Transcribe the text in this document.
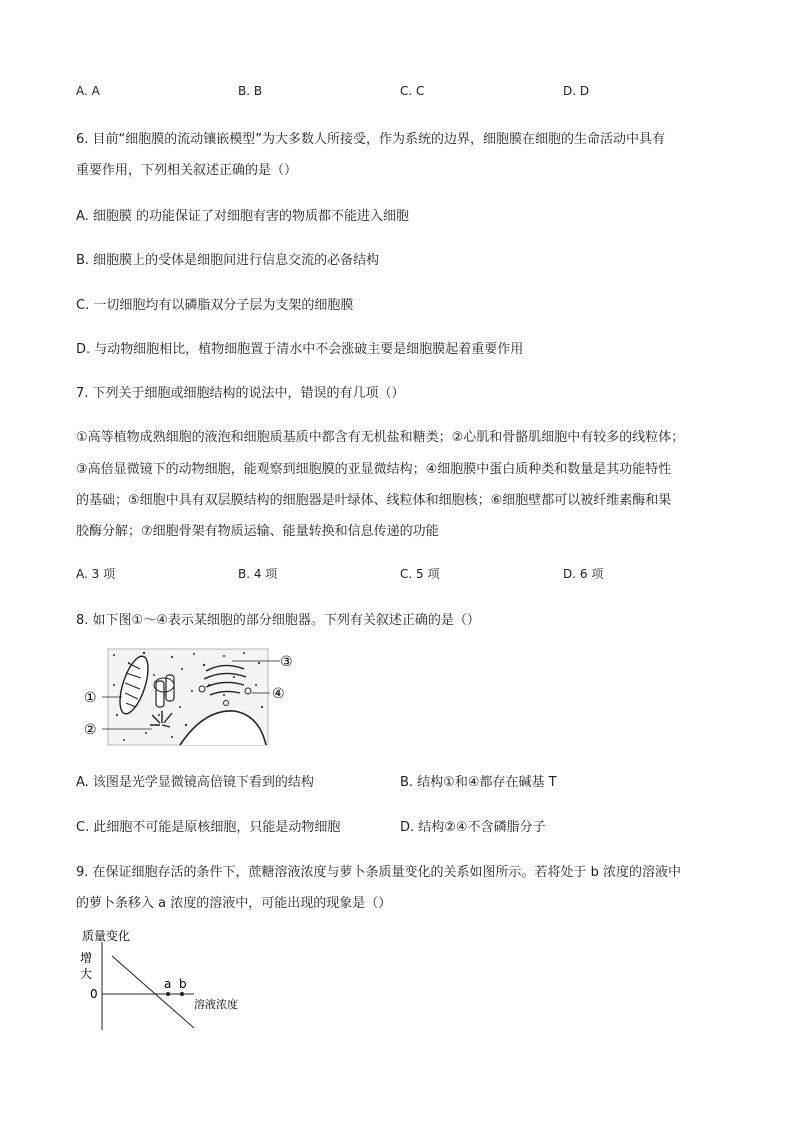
A. A	B. B	C. C	D. D
6. 目前“细胞膜的流动镶嵌模型”为大多数人所接受，作为系统的边界，细胞膜在细胞的生命活动中具有
重要作用，下列相关叙述正确的是（）
A. 细胞膜 的功能保证了对细胞有害的物质都不能进入细胞
B. 细胞膜上的受体是细胞间进行信息交流的必备结构
C. 一切细胞均有以磷脂双分子层为支架的细胞膜
D. 与动物细胞相比，植物细胞置于清水中不会涨破主要是细胞膜起着重要作用
7. 下列关于细胞或细胞结构的说法中，错误的有几项（）
①高等植物成熟细胞的液泡和细胞质基质中都含有无机盐和糖类；②心肌和骨骼肌细胞中有较多的线粒体；
③高倍显微镜下的动物细胞，能观察到细胞膜的亚显微结构；④细胞膜中蛋白质种类和数量是其功能特性
的基础；⑤细胞中具有双层膜结构的细胞器是叶绿体、线粒体和细胞核；⑥细胞壁都可以被纤维素酶和果
胶酶分解；⑦细胞骨架有物质运输、能量转换和信息传递的功能
A. 3 项	B. 4 项	C. 5 项	D. 6 项
8. 如下图①～④表示某细胞的部分细胞器。下列有关叙述正确的是（）
①
②
③
④
A. 该图是光学显微镜高倍镜下看到的结构	B. 结构①和④都存在碱基 T
C. 此细胞不可能是原核细胞，只能是动物细胞	D. 结构②④不含磷脂分子
9. 在保证细胞存活的条件下，蔗糖溶液浓度与萝卜条质量变化的关系如图所示。若将处于 b 浓度的溶液中
的萝卜条移入 a 浓度的溶液中，可能出现的现象是（）
质量变化
增
大
0
a b
溶液浓度
